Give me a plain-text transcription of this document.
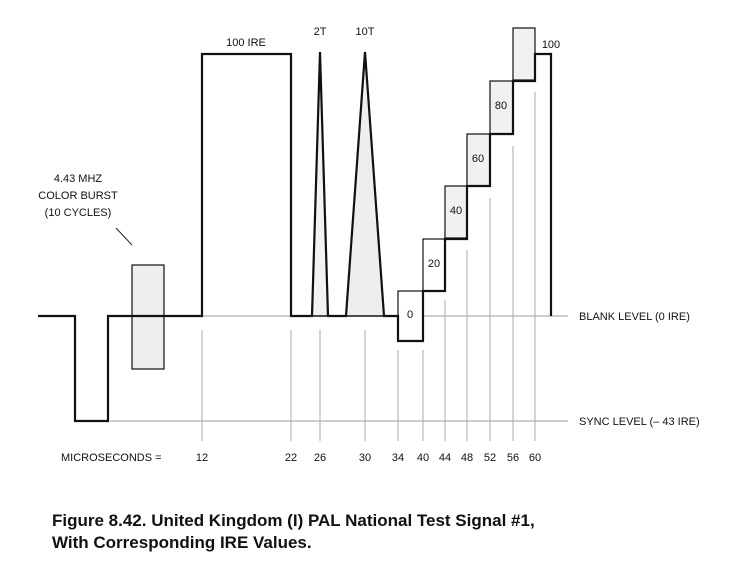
4.43 MHZ
COLOR BURST
(10 CYCLES)
100 IRE
2T	10T
100
0
20
40
60
80
BLANK LEVEL (0 IRE)
SYNC LEVEL (– 43 IRE)
MICROSECONDS =	12	22 26	30 34 40 44 48 52 56 60

Figure 8.42. United Kingdom (I) PAL National Test Signal #1,
With Corresponding IRE Values.
